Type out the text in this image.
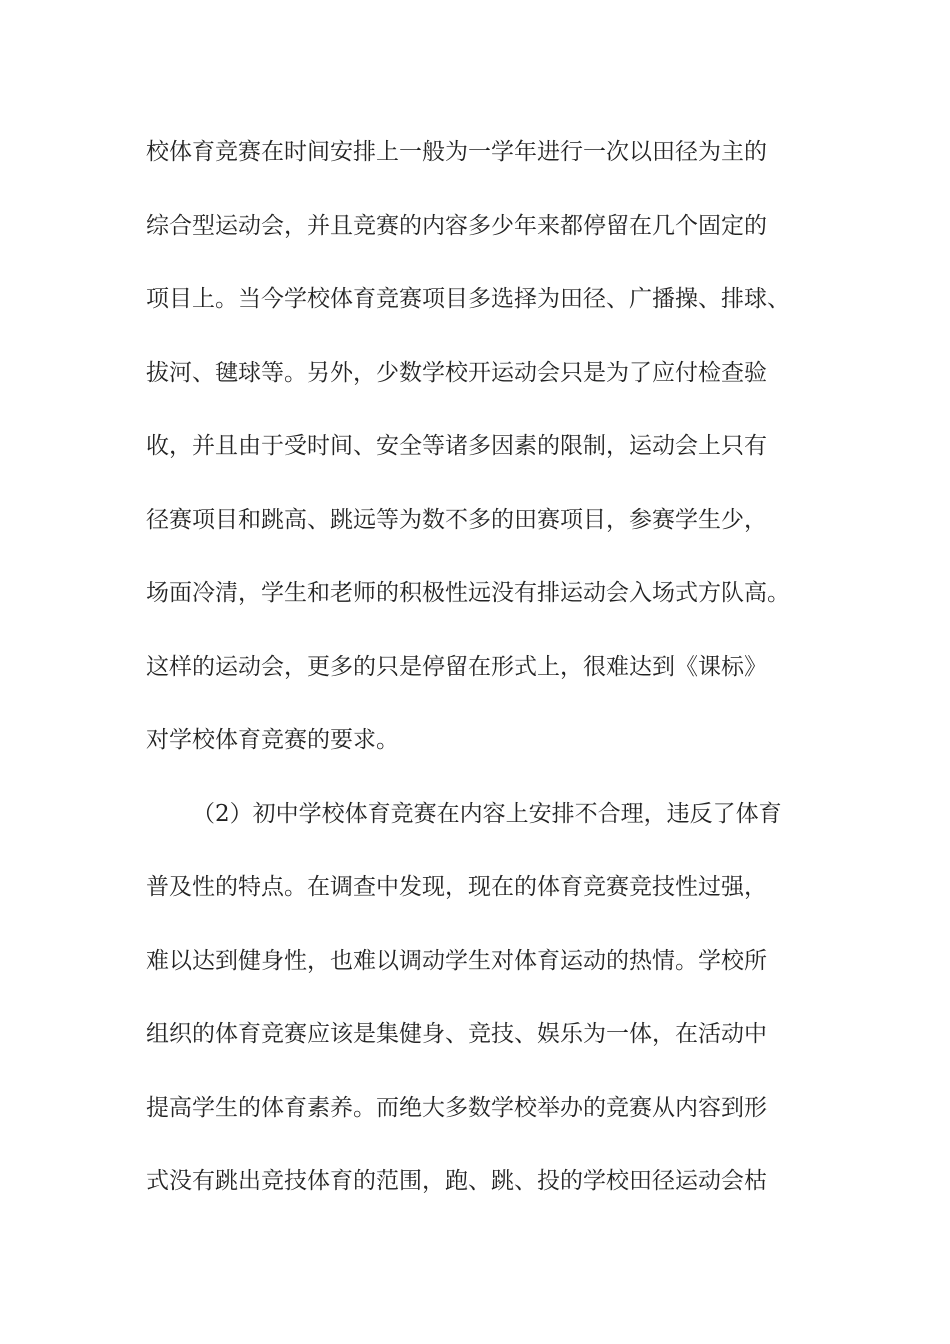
校体育竞赛在时间安排上一般为一学年进行一次以田径为主的
综合型运动会，并且竞赛的内容多少年来都停留在几个固定的
项目上。当今学校体育竞赛项目多选择为田径、广播操、排球、
拔河、毽球等。另外，少数学校开运动会只是为了应付检查验
收，并且由于受时间、安全等诸多因素的限制，运动会上只有
径赛项目和跳高、跳远等为数不多的田赛项目，参赛学生少，
场面冷清，学生和老师的积极性远没有排运动会入场式方队高。
这样的运动会，更多的只是停留在形式上，很难达到《课标》
对学校体育竞赛的要求。
（2）初中学校体育竞赛在内容上安排不合理，违反了体育
普及性的特点。在调查中发现，现在的体育竞赛竞技性过强，
难以达到健身性，也难以调动学生对体育运动的热情。学校所
组织的体育竞赛应该是集健身、竞技、娱乐为一体，在活动中
提高学生的体育素养。而绝大多数学校举办的竞赛从内容到形
式没有跳出竞技体育的范围，跑、跳、投的学校田径运动会枯
